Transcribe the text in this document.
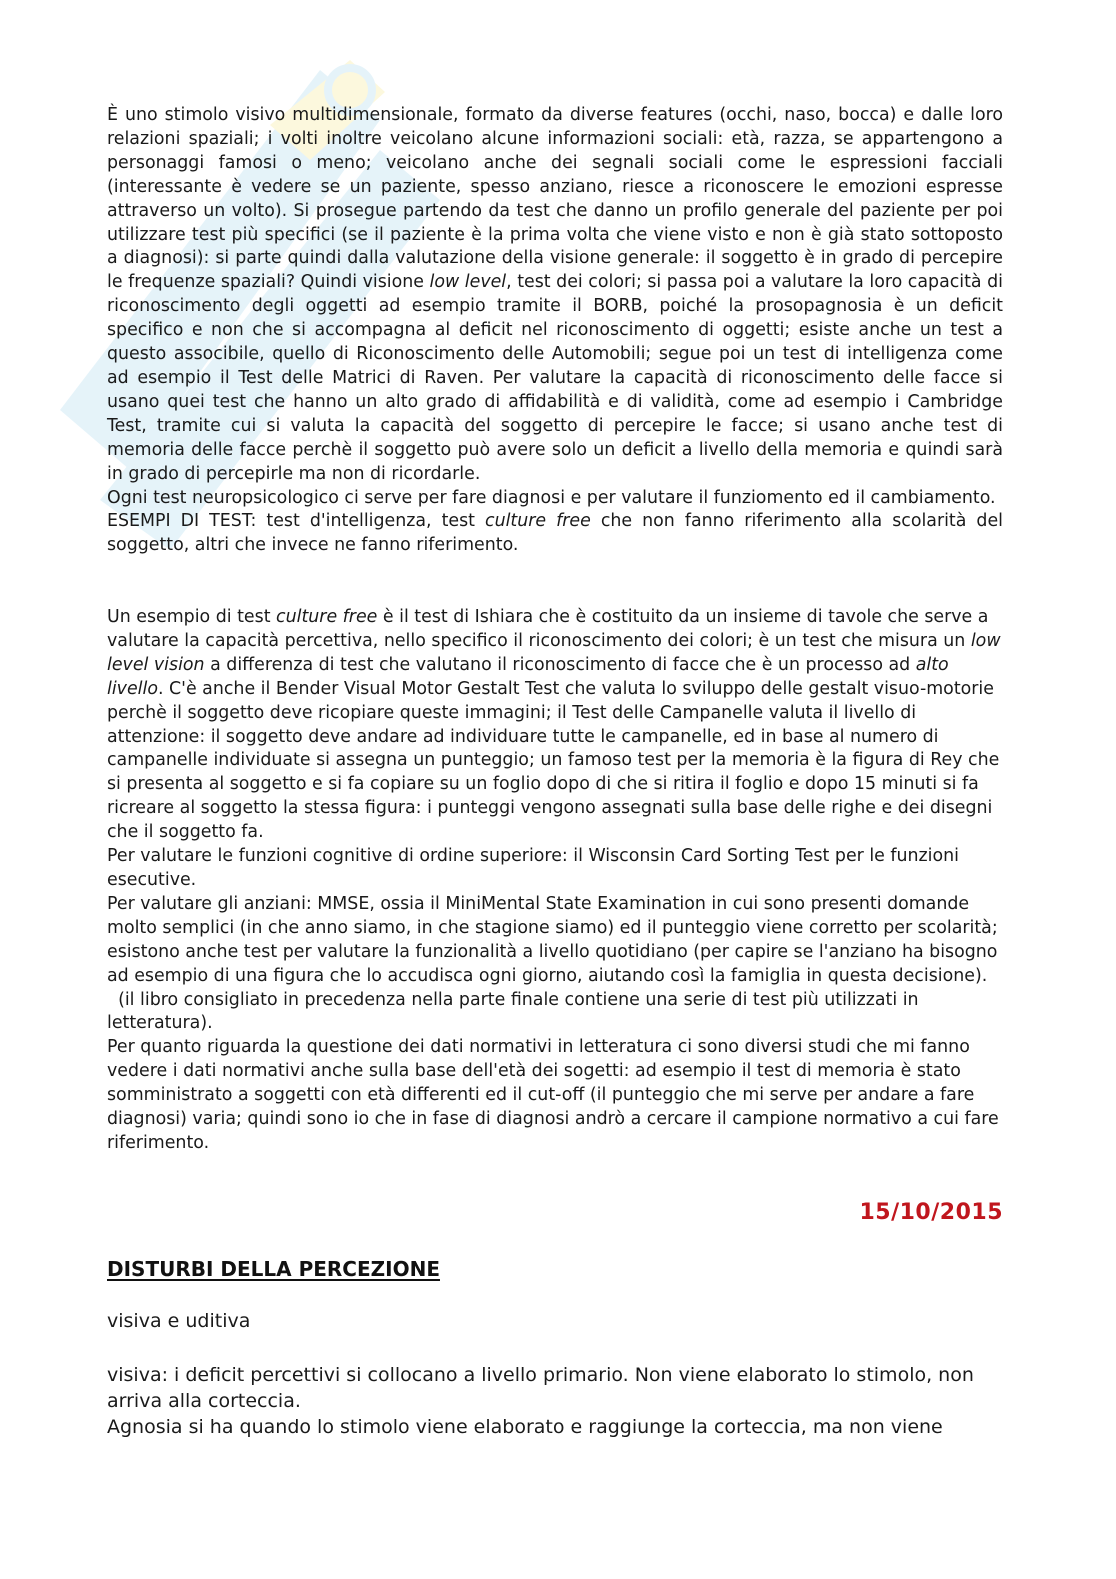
È uno stimolo visivo multidimensionale, formato da diverse features (occhi, naso, bocca) e dalle loro relazioni spaziali; i volti inoltre veicolano alcune informazioni sociali: età, razza, se appartengono a personaggi famosi o meno; veicolano anche dei segnali sociali come le espressioni facciali (interessante è vedere se un paziente, spesso anziano, riesce a riconoscere le emozioni espresse attraverso un volto). Si prosegue partendo da test che danno un profilo generale del paziente per poi utilizzare test più specifici (se il paziente è la prima volta che viene visto e non è già stato sottoposto a diagnosi): si parte quindi dalla valutazione della visione generale: il soggetto è in grado di percepire le frequenze spaziali? Quindi visione low level, test dei colori; si passa poi a valutare la loro capacità di riconoscimento degli oggetti ad esempio tramite il BORB, poiché la prosopagnosia è un deficit specifico e non che si accompagna al deficit nel riconoscimento di oggetti; esiste anche un test a questo associbile, quello di Riconoscimento delle Automobili; segue poi un test di intelligenza come ad esempio il Test delle Matrici di Raven. Per valutare la capacità di riconoscimento delle facce si usano quei test che hanno un alto grado di affidabilità e di validità, come ad esempio i Cambridge Test, tramite cui si valuta la capacità del soggetto di percepire le facce; si usano anche test di memoria delle facce perchè il soggetto può avere solo un deficit a livello della memoria e quindi sarà in grado di percepirle ma non di ricordarle.

Ogni test neuropsicologico ci serve per fare diagnosi e per valutare il funziomento ed il cambiamento.

ESEMPI DI TEST: test d'intelligenza, test culture free che non fanno riferimento alla scolarità del soggetto, altri che invece ne fanno riferimento.

Un esempio di test culture free è il test di Ishiara che è costituito da un insieme di tavole che serve a valutare la capacità percettiva, nello specifico il riconoscimento dei colori; è un test che misura un low level vision a differenza di test che valutano il riconoscimento di facce che è un processo ad alto livello. C'è anche il Bender Visual Motor Gestalt Test che valuta lo sviluppo delle gestalt visuo-motorie perchè il soggetto deve ricopiare queste immagini; il Test delle Campanelle valuta il livello di attenzione: il soggetto deve andare ad individuare tutte le campanelle, ed in base al numero di campanelle individuate si assegna un punteggio; un famoso test per la memoria è la figura di Rey che si presenta al soggetto e si fa copiare su un foglio dopo di che si ritira il foglio e dopo 15 minuti si fa ricreare al soggetto la stessa figura: i punteggi vengono assegnati sulla base delle righe e dei disegni che il soggetto fa.

Per valutare le funzioni cognitive di ordine superiore: il Wisconsin Card Sorting Test per le funzioni esecutive.

Per valutare gli anziani: MMSE, ossia il MiniMental State Examination in cui sono presenti domande molto semplici (in che anno siamo, in che stagione siamo) ed il punteggio viene corretto per scolarità; esistono anche test per valutare la funzionalità a livello quotidiano (per capire se l'anziano ha bisogno ad esempio di una figura che lo accudisca ogni giorno, aiutando così la famiglia in questa decisione).

(il libro consigliato in precedenza nella parte finale contiene una serie di test più utilizzati in letteratura).

Per quanto riguarda la questione dei dati normativi in letteratura ci sono diversi studi che mi fanno vedere i dati normativi anche sulla base dell'età dei sogetti: ad esempio il test di memoria è stato somministrato a soggetti con età differenti ed il cut-off (il punteggio che mi serve per andare a fare diagnosi) varia; quindi sono io che in fase di diagnosi andrò a cercare il campione normativo a cui fare riferimento.

15/10/2015
DISTURBI DELLA PERCEZIONE
visiva e uditiva

visiva: i deficit percettivi si collocano a livello primario. Non viene elaborato lo stimolo, non arriva alla corteccia.

Agnosia si ha quando lo stimolo viene elaborato e raggiunge la corteccia, ma non viene
